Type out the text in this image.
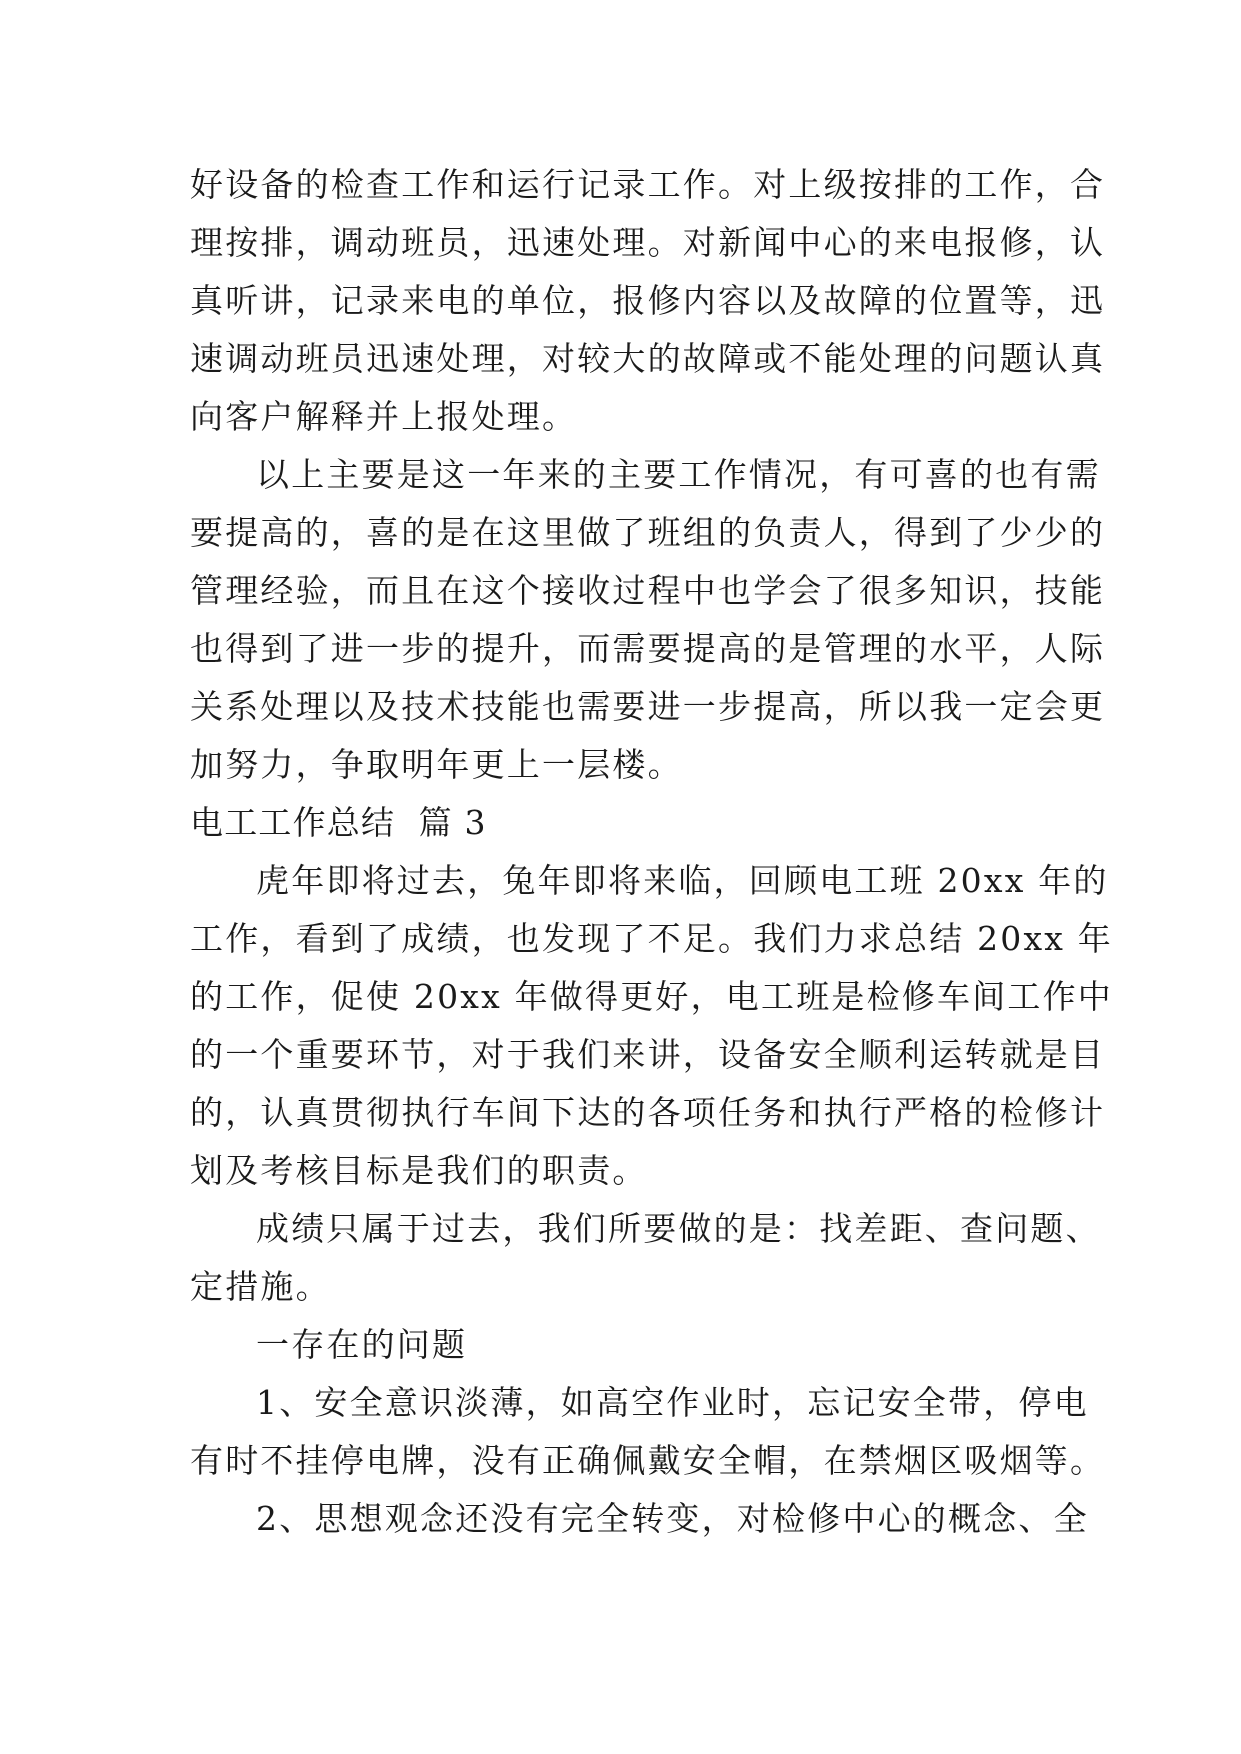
好设备的检查工作和运行记录工作。对上级按排的工作，合
理按排，调动班员，迅速处理。对新闻中心的来电报修，认
真听讲，记录来电的单位，报修内容以及故障的位置等，迅
速调动班员迅速处理，对较大的故障或不能处理的问题认真
向客户解释并上报处理。
以上主要是这一年来的主要工作情况，有可喜的也有需
要提高的，喜的是在这里做了班组的负责人，得到了少少的
管理经验，而且在这个接收过程中也学会了很多知识，技能
也得到了进一步的提升，而需要提高的是管理的水平，人际
关系处理以及技术技能也需要进一步提高，所以我一定会更
加努力，争取明年更上一层楼。
电工工作总结  篇 3
虎年即将过去，兔年即将来临，回顾电工班 20xx 年的
工作，看到了成绩，也发现了不足。我们力求总结 20xx 年
的工作，促使 20xx 年做得更好，电工班是检修车间工作中
的一个重要环节，对于我们来讲，设备安全顺利运转就是目
的，认真贯彻执行车间下达的各项任务和执行严格的检修计
划及考核目标是我们的职责。
成绩只属于过去，我们所要做的是：找差距、查问题、
定措施。
一存在的问题
1、安全意识淡薄，如高空作业时，忘记安全带，停电
有时不挂停电牌，没有正确佩戴安全帽，在禁烟区吸烟等。
2、思想观念还没有完全转变，对检修中心的概念、全
